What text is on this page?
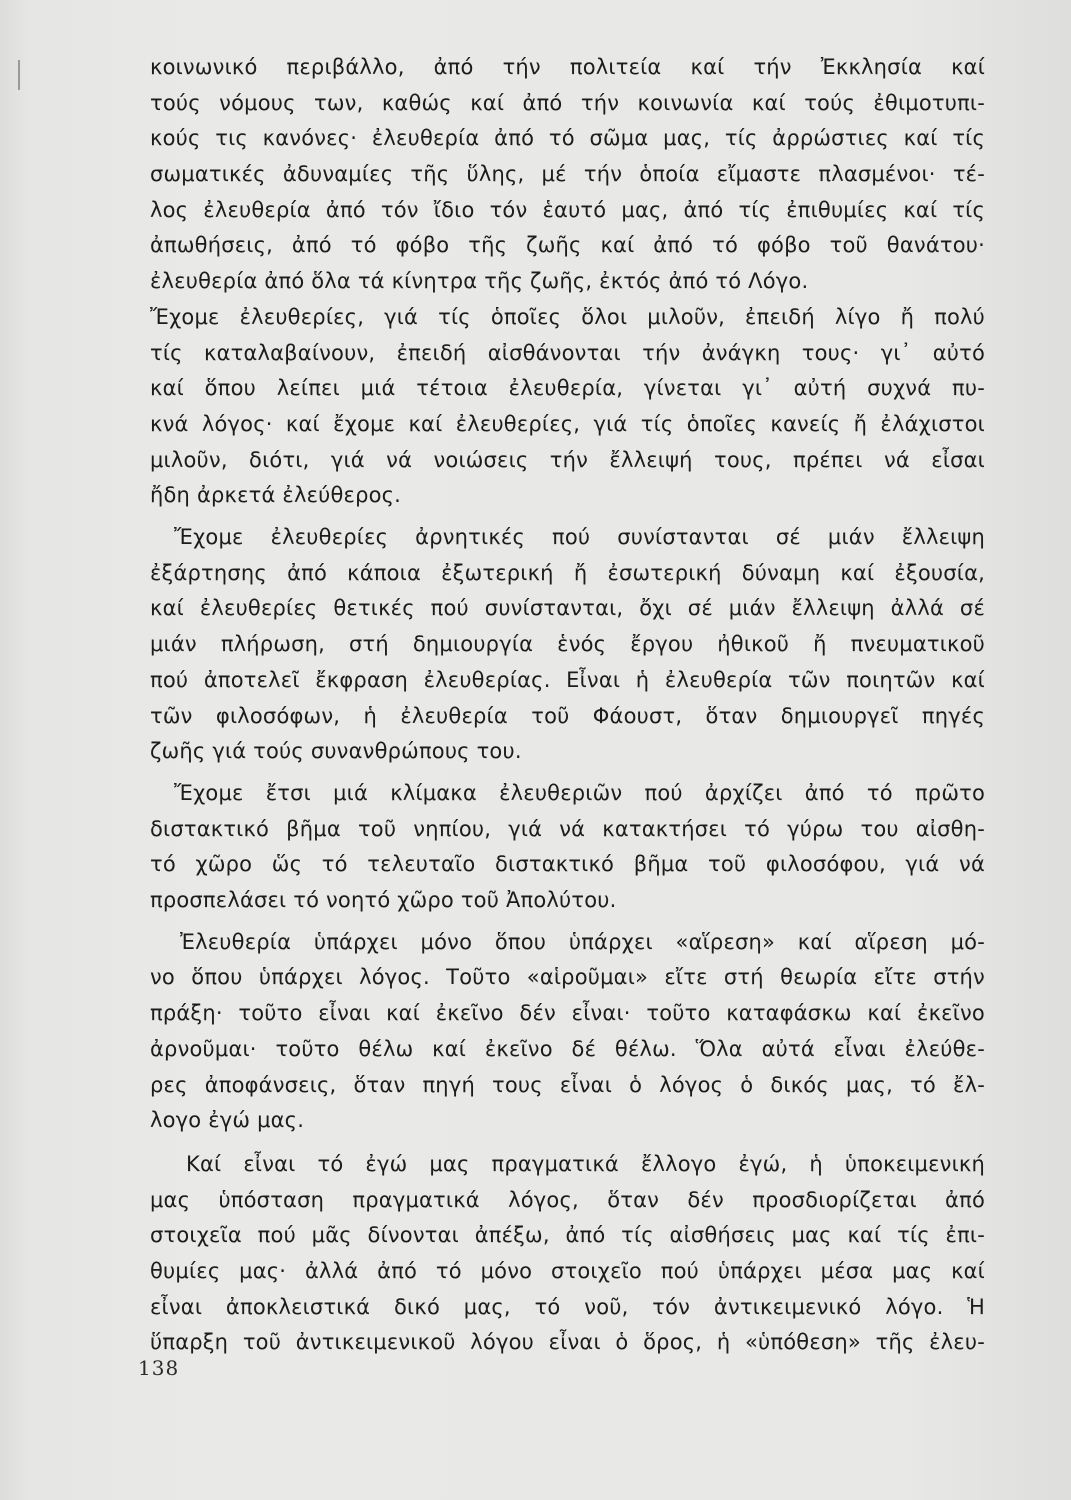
κοινωνικό περιβάλλο, ἀπό τήν πολιτεία καί τήν Ἐκκλησία καί
τούς νόμους των, καθώς καί ἀπό τήν κοινωνία καί τούς ἐθιμοτυπι-
κούς τις κανόνες· ἐλευθερία ἀπό τό σῶμα μας, τίς ἀρρώστιες καί τίς
σωματικές ἀδυναμίες τῆς ὕλης, μέ τήν ὁποία εἴμαστε πλασμένοι· τέ-
λος ἐλευθερία ἀπό τόν ἴδιο τόν ἑαυτό μας, ἀπό τίς ἐπιθυμίες καί τίς
ἀπωθήσεις, ἀπό τό φόβο τῆς ζωῆς καί ἀπό τό φόβο τοῦ θανάτου·
ἐλευθερία ἀπό ὅλα τά κίνητρα τῆς ζωῆς, ἐκτός ἀπό τό Λόγο.
Ἔχομε ἐλευθερίες, γιά τίς ὁποῖες ὅλοι μιλοῦν, ἐπειδή λίγο ἤ πολύ
τίς καταλαβαίνουν, ἐπειδή αἰσθάνονται τήν ἀνάγκη τους· γι᾽ αὐτό
καί ὅπου λείπει μιά τέτοια ἐλευθερία, γίνεται γι᾽ αὐτή συχνά πυ-
κνά λόγος· καί ἔχομε καί ἐλευθερίες, γιά τίς ὁποῖες κανείς ἤ ἐλάχιστοι
μιλοῦν, διότι, γιά νά νοιώσεις τήν ἔλλειψή τους, πρέπει νά εἶσαι
ἤδη ἀρκετά ἐλεύθερος.
Ἔχομε ἐλευθερίες ἀρνητικές πού συνίστανται σέ μιάν ἔλλειψη
ἐξάρτησης ἀπό κάποια ἐξωτερική ἤ ἐσωτερική δύναμη καί ἐξουσία,
καί ἐλευθερίες θετικές πού συνίστανται, ὄχι σέ μιάν ἔλλειψη ἀλλά σέ
μιάν πλήρωση, στή δημιουργία ἑνός ἔργου ἠθικοῦ ἤ πνευματικοῦ
πού ἀποτελεῖ ἔκφραση ἐλευθερίας. Εἶναι ἡ ἐλευθερία τῶν ποιητῶν καί
τῶν φιλοσόφων, ἡ ἐλευθερία τοῦ Φάουστ, ὅταν δημιουργεῖ πηγές
ζωῆς γιά τούς συνανθρώπους του.
Ἔχομε ἔτσι μιά κλίμακα ἐλευθεριῶν πού ἀρχίζει ἀπό τό πρῶτο
διστακτικό βῆμα τοῦ νηπίου, γιά νά κατακτήσει τό γύρω του αἰσθη-
τό χῶρο ὥς τό τελευταῖο διστακτικό βῆμα τοῦ φιλοσόφου, γιά νά
προσπελάσει τό νοητό χῶρο τοῦ Ἀπολύτου.
Ἐλευθερία ὑπάρχει μόνο ὅπου ὑπάρχει «αἵρεση» καί αἵρεση μό-
νο ὅπου ὑπάρχει λόγος. Τοῦτο «αἱροῦμαι» εἴτε στή θεωρία εἴτε στήν
πράξη· τοῦτο εἶναι καί ἐκεῖνο δέν εἶναι· τοῦτο καταφάσκω καί ἐκεῖνο
ἀρνοῦμαι· τοῦτο θέλω καί ἐκεῖνο δέ θέλω. Ὅλα αὐτά εἶναι ἐλεύθε-
ρες ἀποφάνσεις, ὅταν πηγή τους εἶναι ὁ λόγος ὁ δικός μας, τό ἔλ-
λογο ἐγώ μας.
Καί εἶναι τό ἐγώ μας πραγματικά ἔλλογο ἐγώ, ἡ ὑποκειμενική
μας ὑπόσταση πραγματικά λόγος, ὅταν δέν προσδιορίζεται ἀπό
στοιχεῖα πού μᾶς δίνονται ἀπέξω, ἀπό τίς αἰσθήσεις μας καί τίς ἐπι-
θυμίες μας· ἀλλά ἀπό τό μόνο στοιχεῖο πού ὑπάρχει μέσα μας καί
εἶναι ἀποκλειστικά δικό μας, τό νοῦ, τόν ἀντικειμενικό λόγο. Ἡ
ὕπαρξη τοῦ ἀντικειμενικοῦ λόγου εἶναι ὁ ὅρος, ἡ «ὑπόθεση» τῆς ἐλευ-
138
